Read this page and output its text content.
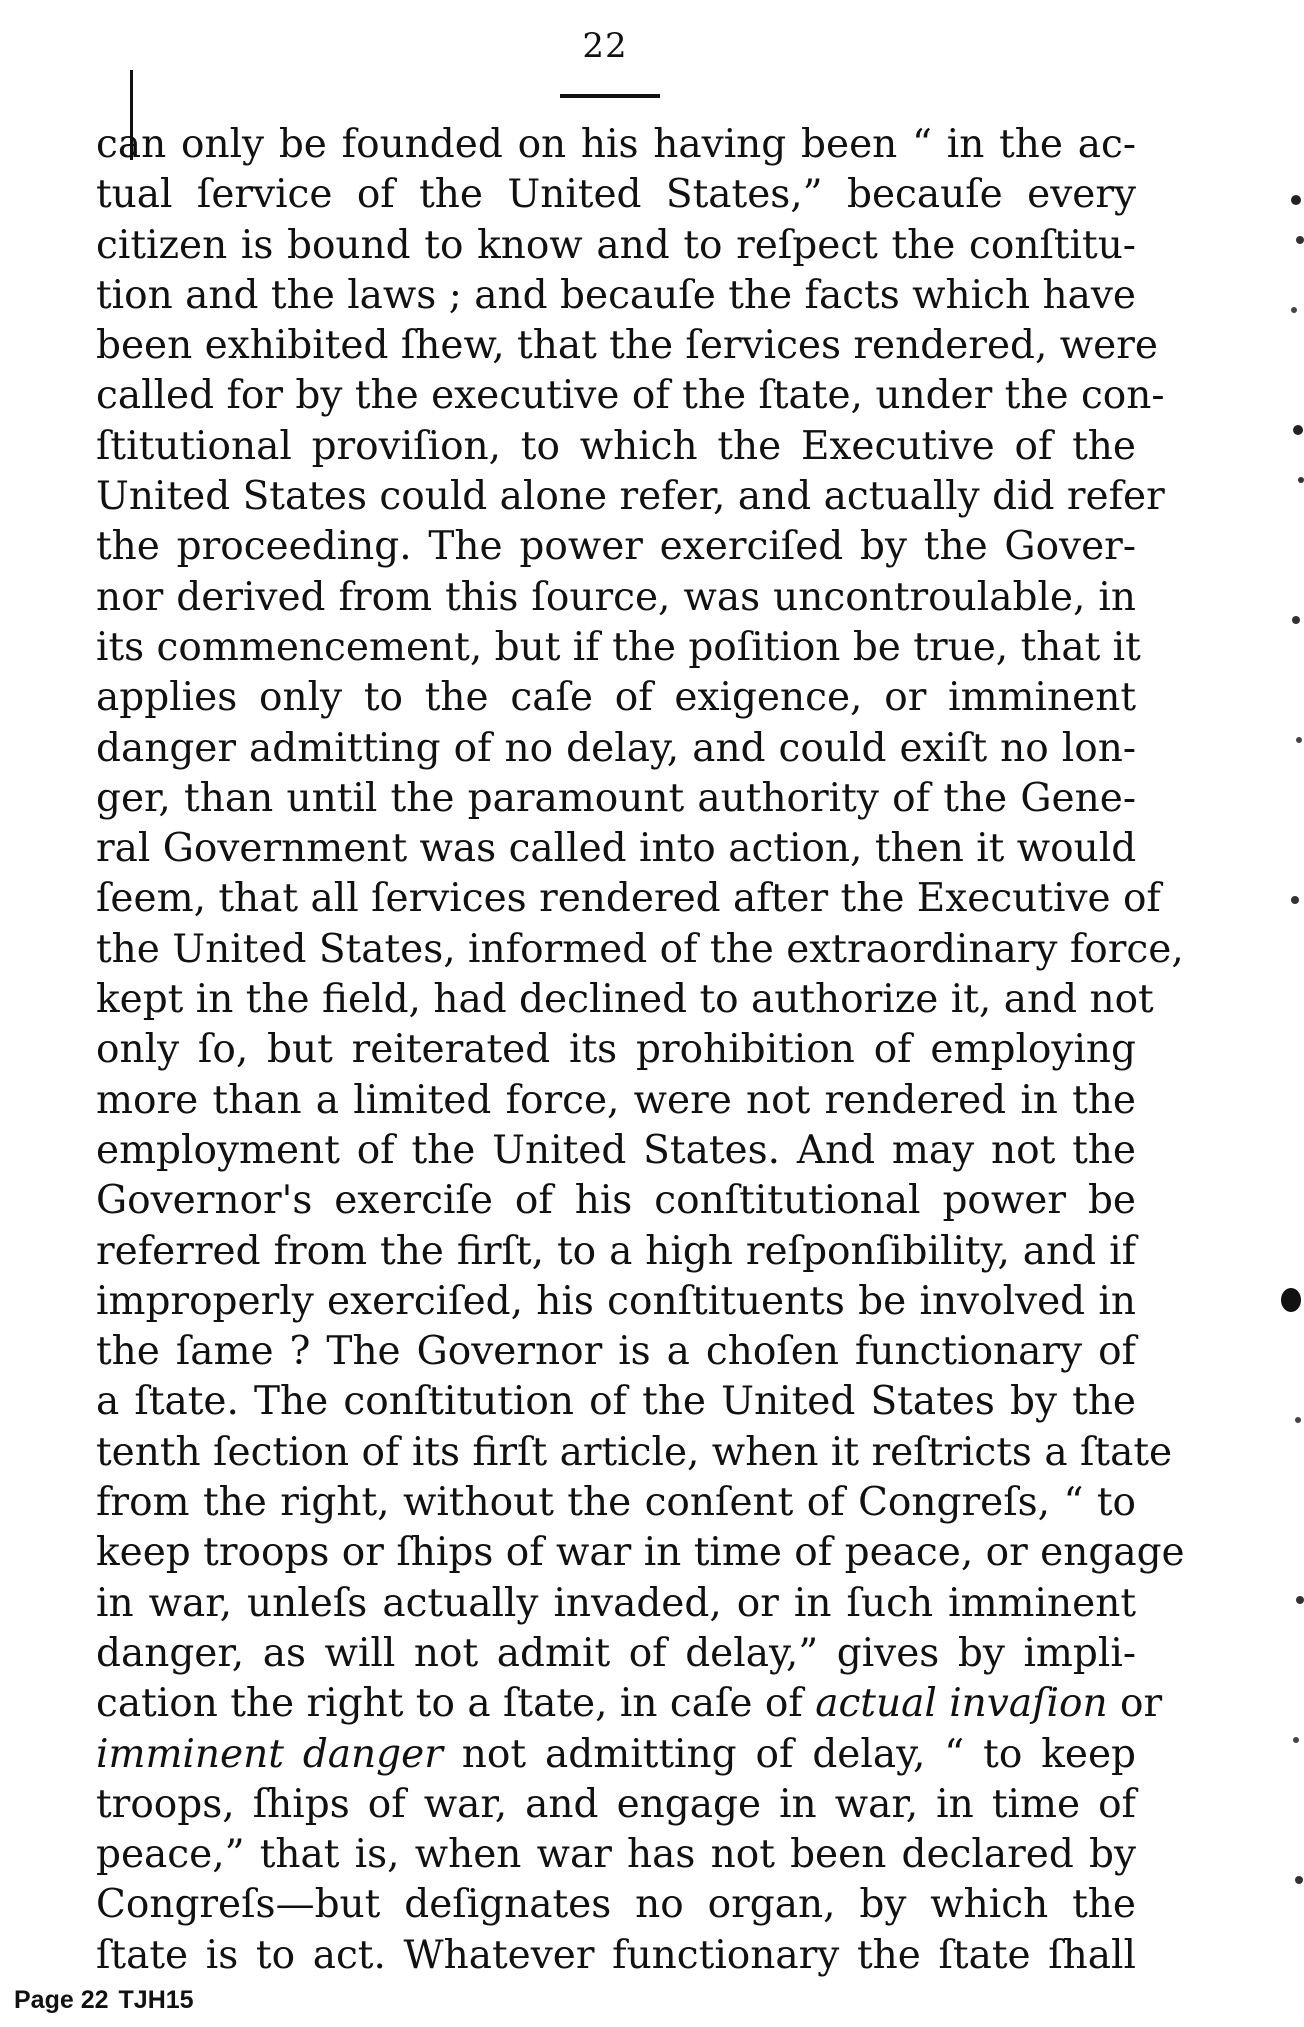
22
can only be founded on his having been “ in the ac-
tual ſervice of the United States,” becauſe every
citizen is bound to know and to reſpect the conſtitu-
tion and the laws ; and becauſe the facts which have
been exhibited ſhew, that the ſervices rendered, were
called for by the executive of the ſtate, under the con-
ſtitutional proviſion, to which the Executive of the
United States could alone refer, and actually did refer
the proceeding. The power exerciſed by the Gover-
nor derived from this ſource, was uncontroulable, in
its commencement, but if the poſition be true, that it
applies only to the caſe of exigence, or imminent
danger admitting of no delay, and could exiſt no lon-
ger, than until the paramount authority of the Gene-
ral Government was called into action, then it would
ſeem, that all ſervices rendered after the Executive of
the United States, informed of the extraordinary force,
kept in the field, had declined to authorize it, and not
only ſo, but reiterated its prohibition of employing
more than a limited force, were not rendered in the
employment of the United States. And may not the
Governor's exerciſe of his conſtitutional power be
referred from the firſt, to a high reſponſibility, and if
improperly exerciſed, his conſtituents be involved in
the ſame ? The Governor is a choſen functionary of
a ſtate. The conſtitution of the United States by the
tenth ſection of its firſt article, when it reſtricts a ſtate
from the right, without the conſent of Congreſs, “ to
keep troops or ſhips of war in time of peace, or engage
in war, unleſs actually invaded, or in ſuch imminent
danger, as will not admit of delay,” gives by impli-
cation the right to a ſtate, in caſe of actual invaſion or
imminent danger not admitting of delay, “ to keep
troops, ſhips of war, and engage in war, in time of
peace,” that is, when war has not been declared by
Congreſs—but deſignates no organ, by which the
ſtate is to act. Whatever functionary the ſtate ſhall
Page 22 TJH15
